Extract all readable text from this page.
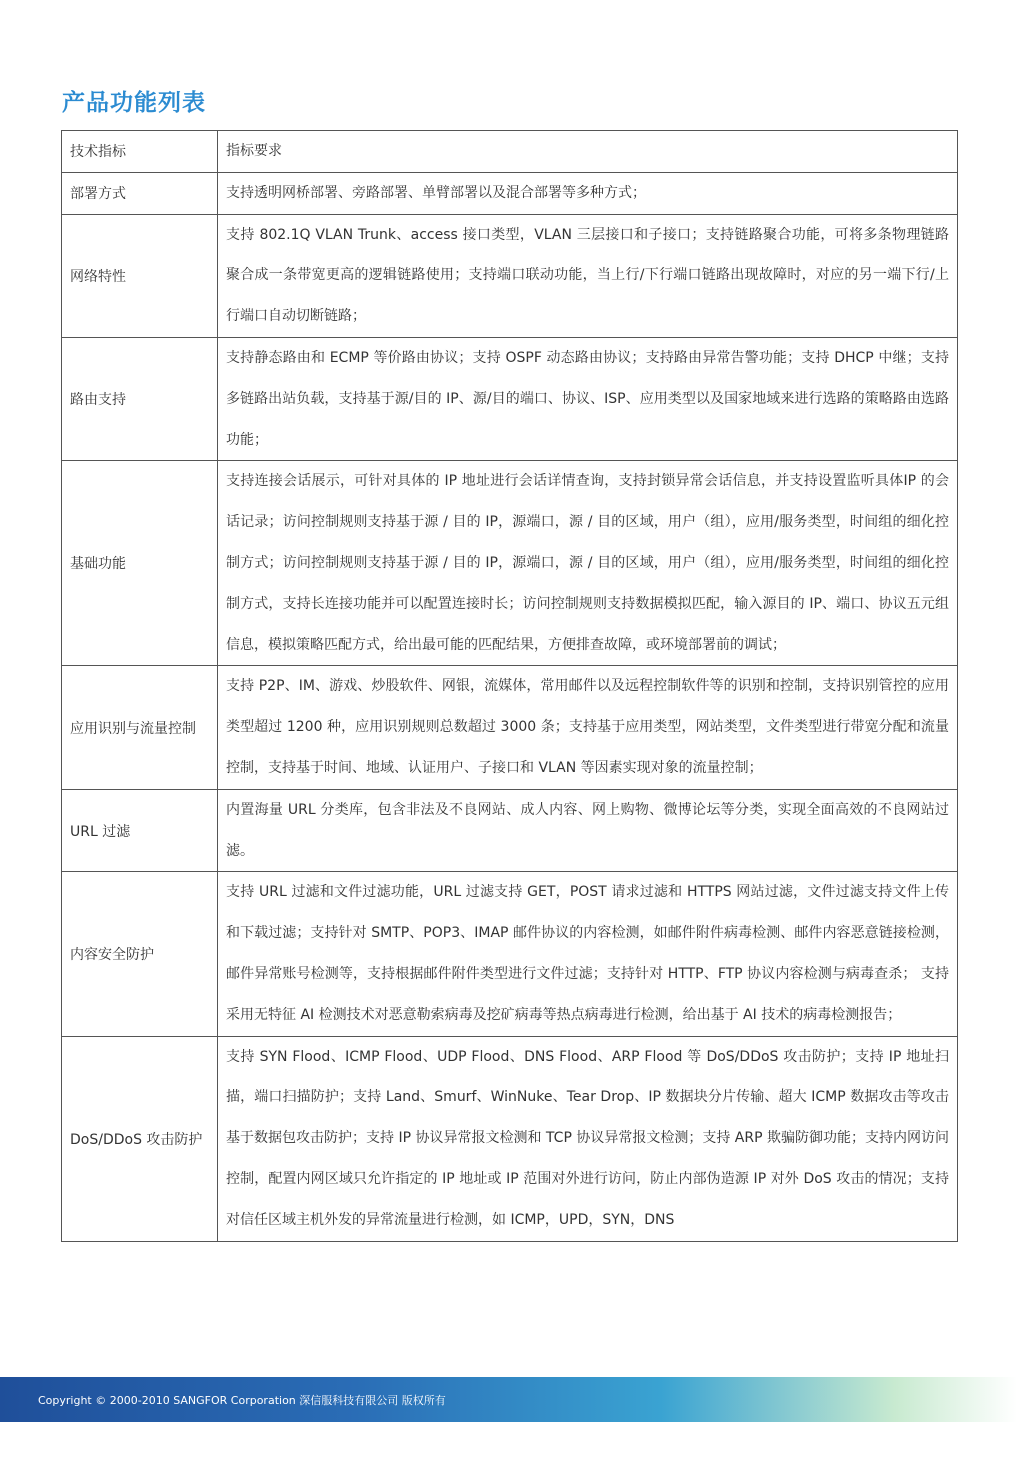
产品功能列表
技术指标	指标要求
部署方式	支持透明网桥部署、旁路部署、单臂部署以及混合部署等多种方式；
网络特性	支持 802.1Q VLAN Trunk、access 接口类型，VLAN 三层接口和子接口；支持链路聚合功能，可将多条物理链路聚合成一条带宽更高的逻辑链路使用；支持端口联动功能，当上行/下行端口链路出现故障时，对应的另一端下行/上行端口自动切断链路；
路由支持	支持静态路由和 ECMP 等价路由协议；支持 OSPF 动态路由协议；支持路由异常告警功能；支持 DHCP 中继；支持多链路出站负载，支持基于源/目的 IP、源/目的端口、协议、ISP、应用类型以及国家地域来进行选路的策略路由选路功能；
基础功能	支持连接会话展示，可针对具体的 IP 地址进行会话详情查询，支持封锁异常会话信息，并支持设置监听具体IP 的会话记录；访问控制规则支持基于源 / 目的 IP，源端口，源 / 目的区域，用户（组），应用/服务类型，时间组的细化控制方式；访问控制规则支持基于源 / 目的 IP，源端口，源 / 目的区域，用户（组），应用/服务类型，时间组的细化控制方式，支持长连接功能并可以配置连接时长；访问控制规则支持数据模拟匹配，输入源目的 IP、端口、协议五元组信息，模拟策略匹配方式，给出最可能的匹配结果，方便排查故障，或环境部署前的调试；
应用识别与流量控制	支持 P2P、IM、游戏、炒股软件、网银，流媒体，常用邮件以及远程控制软件等的识别和控制，支持识别管控的应用类型超过 1200 种，应用识别规则总数超过 3000 条；支持基于应用类型，网站类型，文件类型进行带宽分配和流量控制，支持基于时间、地域、认证用户、子接口和 VLAN 等因素实现对象的流量控制；
URL 过滤	内置海量 URL 分类库，包含非法及不良网站、成人内容、网上购物、微博论坛等分类，实现全面高效的不良网站过滤。
内容安全防护	支持 URL 过滤和文件过滤功能，URL 过滤支持 GET，POST 请求过滤和 HTTPS 网站过滤，文件过滤支持文件上传和下载过滤；支持针对 SMTP、POP3、IMAP 邮件协议的内容检测，如邮件附件病毒检测、邮件内容恶意链接检测，邮件异常账号检测等，支持根据邮件附件类型进行文件过滤；支持针对 HTTP、FTP 协议内容检测与病毒查杀； 支持采用无特征 AI 检测技术对恶意勒索病毒及挖矿病毒等热点病毒进行检测，给出基于 AI 技术的病毒检测报告；
DoS/DDoS 攻击防护	支持 SYN Flood、ICMP Flood、UDP Flood、DNS Flood、ARP Flood 等 DoS/DDoS 攻击防护；支持 IP 地址扫描，端口扫描防护；支持 Land、Smurf、WinNuke、Tear Drop、IP 数据块分片传输、超大 ICMP 数据攻击等攻击基于数据包攻击防护；支持 IP 协议异常报文检测和 TCP 协议异常报文检测；支持 ARP 欺骗防御功能；支持内网访问控制，配置内网区域只允许指定的 IP 地址或 IP 范围对外进行访问，防止内部伪造源 IP 对外 DoS 攻击的情况；支持对信任区域主机外发的异常流量进行检测，如 ICMP，UPD，SYN，DNS
Copyright © 2000-2010 SANGFOR Corporation 深信服科技有限公司 版权所有
